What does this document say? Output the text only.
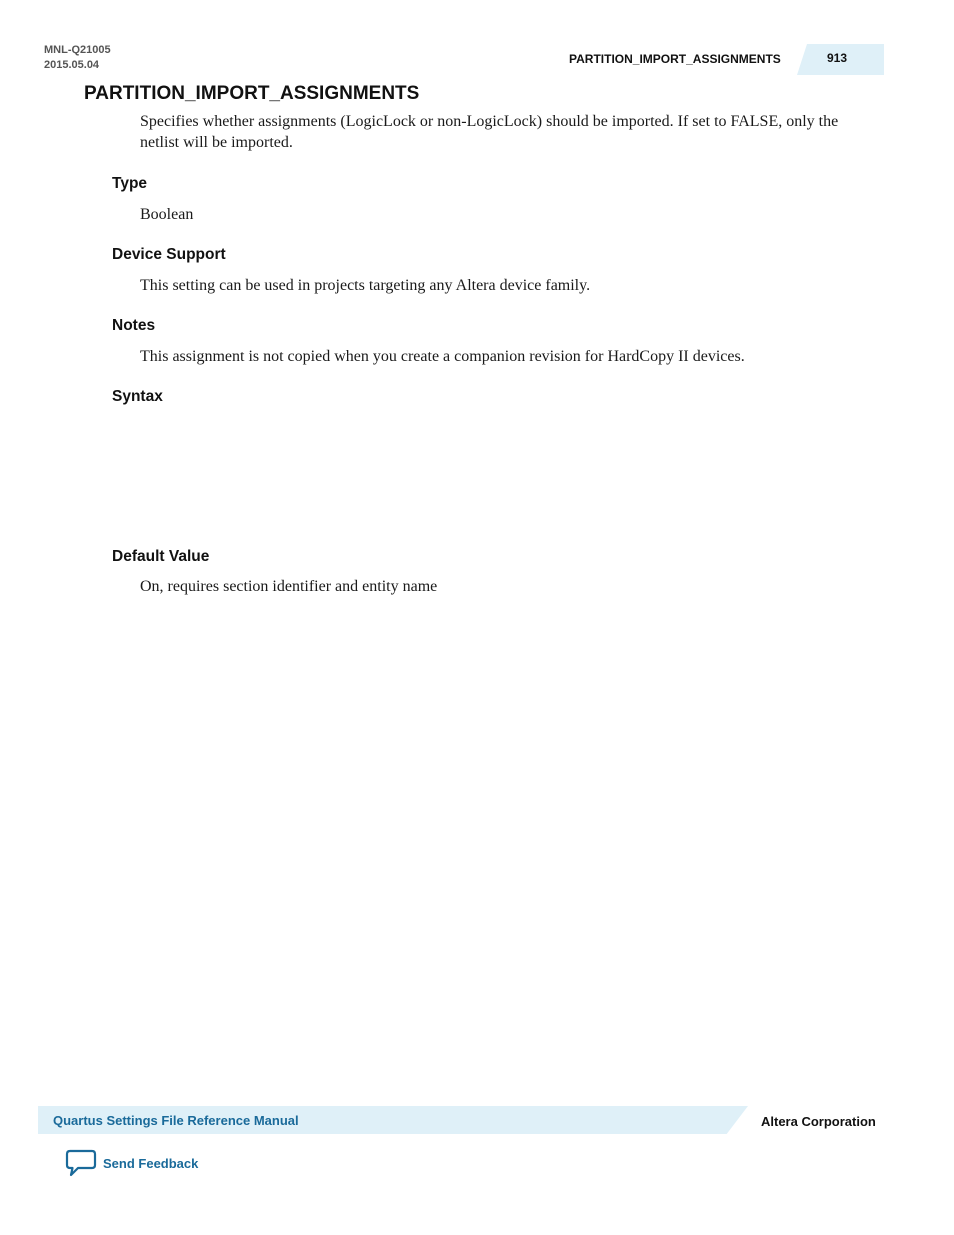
MNL-Q21005
2015.05.04	PARTITION_IMPORT_ASSIGNMENTS	913
PARTITION_IMPORT_ASSIGNMENTS

Specifies whether assignments (LogicLock or non-LogicLock) should be imported. If set to FALSE, only the netlist will be imported.

Type

Boolean

Device Support

This setting can be used in projects targeting any Altera device family.

Notes

This assignment is not copied when you create a companion revision for HardCopy II devices.

Syntax
Default Value

On, requires section identifier and entity name

Quartus Settings File Reference Manual	Altera Corporation
Send Feedback
